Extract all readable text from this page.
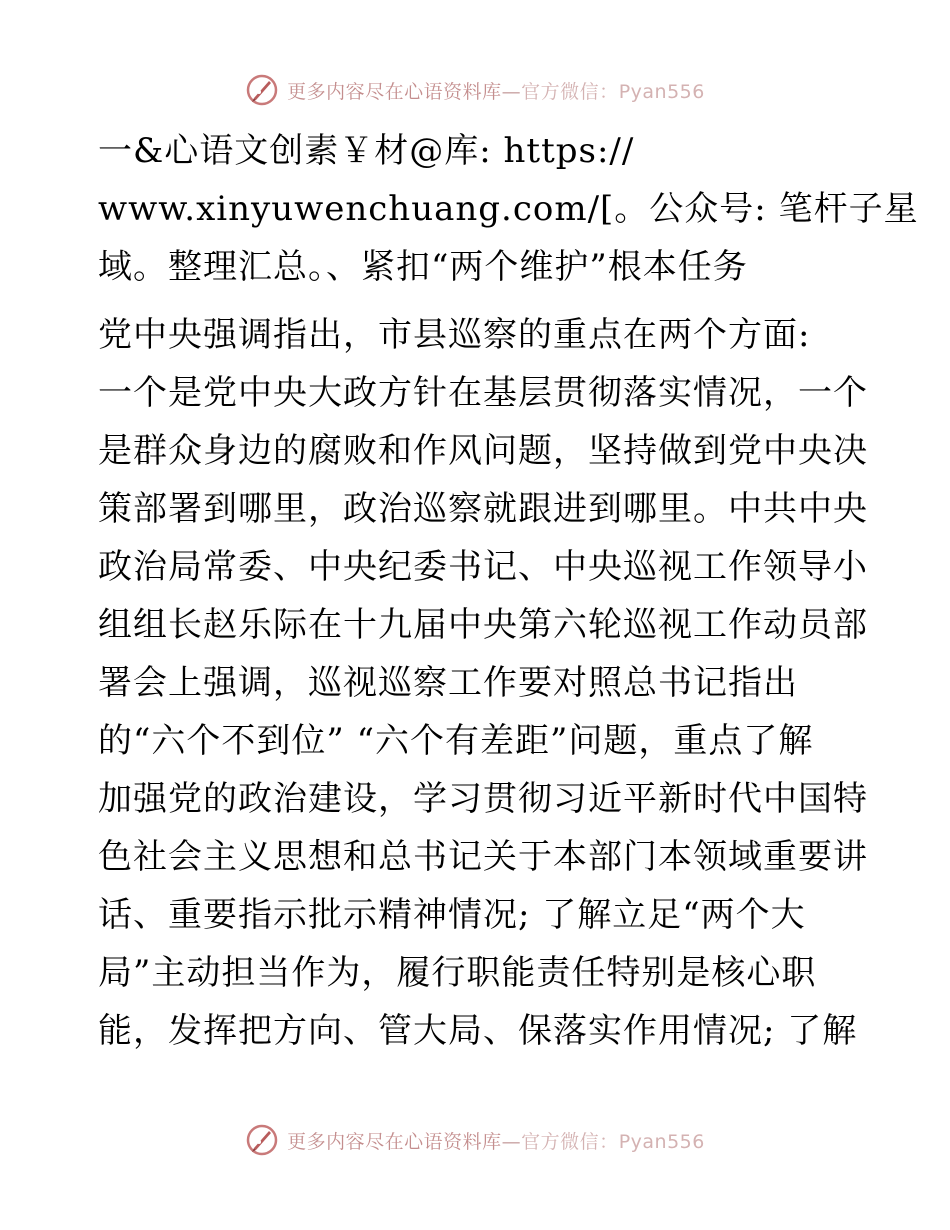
更多内容尽在心语资料库—官方微信：Pyan556
一&心语文创素￥材@库: https://
www.xinyuwenchuang.com/[。公众号: 笔杆子星
域。整理汇总。、紧扣“两个维护”根本任务
党中央强调指出，市县巡察的重点在两个方面:
一个是党中央大政方针在基层贯彻落实情况，一个
是群众身边的腐败和作风问题，坚持做到党中央决
策部署到哪里，政治巡察就跟进到哪里。中共中央
政治局常委、中央纪委书记、中央巡视工作领导小
组组长赵乐际在十九届中央第六轮巡视工作动员部
署会上强调，巡视巡察工作要对照总书记指出
的“六个不到位” “六个有差距”问题，重点了解
加强党的政治建设，学习贯彻习近平新时代中国特
色社会主义思想和总书记关于本部门本领域重要讲
话、重要指示批示精神情况; 了解立足“两个大
局”主动担当作为，履行职能责任特别是核心职
能，发挥把方向、管大局、保落实作用情况; 了解
更多内容尽在心语资料库—官方微信：Pyan556
